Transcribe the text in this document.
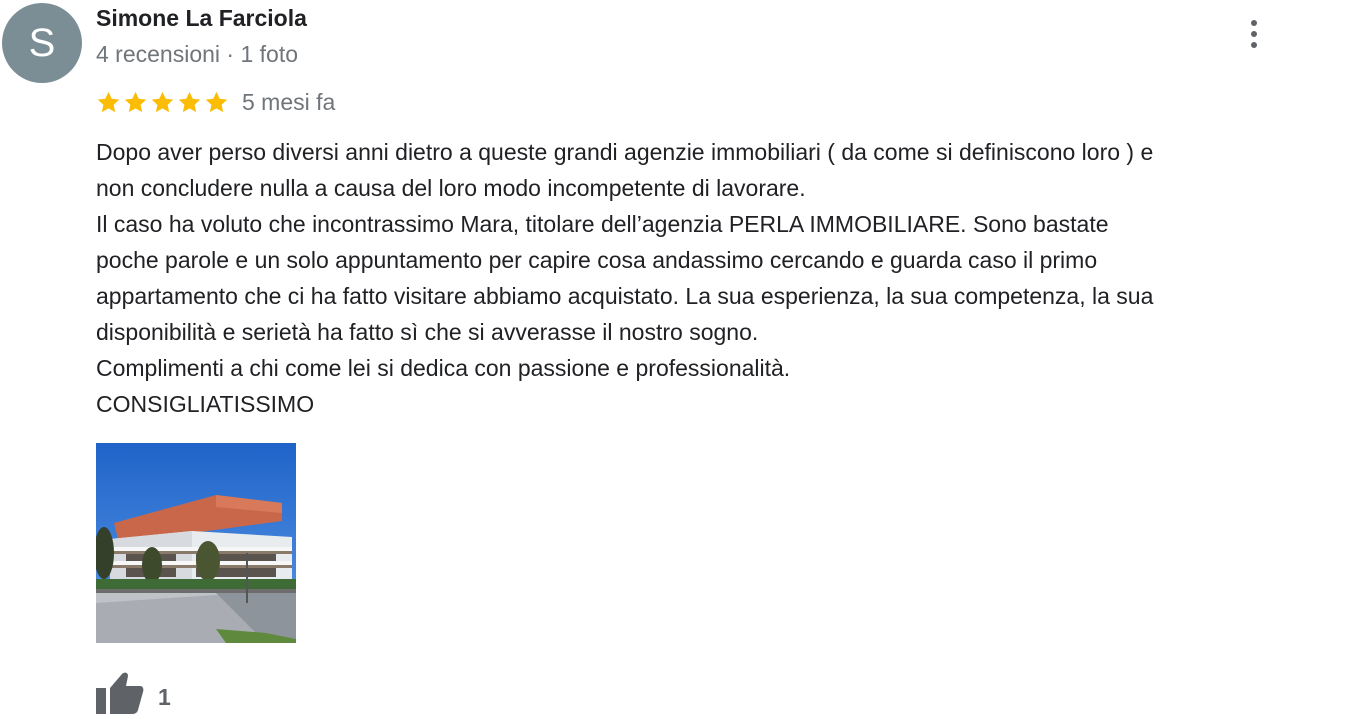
S
Simone La Farciola
4 recensioni · 1 foto
5 mesi fa

Dopo aver perso diversi anni dietro a queste grandi agenzie immobiliari ( da come si definiscono loro ) e
non concludere nulla a causa del loro modo incompetente di lavorare.
Il caso ha voluto che incontrassimo Mara, titolare dell’agenzia PERLA IMMOBILIARE. Sono bastate
poche parole e un solo appuntamento per capire cosa andassimo cercando e guarda caso il primo
appartamento che ci ha fatto visitare abbiamo acquistato. La sua esperienza, la sua competenza, la sua
disponibilità e serietà ha fatto sì che si avverasse il nostro sogno.
Complimenti a chi come lei si dedica con passione e professionalità.
CONSIGLIATISSIMO

1
